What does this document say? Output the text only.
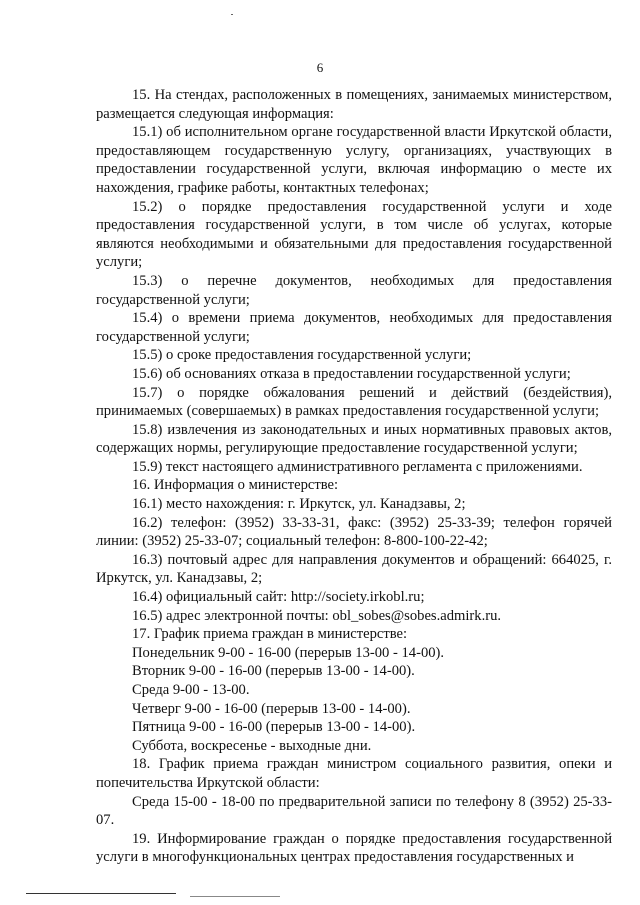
6

15. На стендах, расположенных в помещениях, занимаемых министерством, размещается следующая информация:

15.1) об исполнительном органе государственной власти Иркутской области, предоставляющем государственную услугу, организациях, участвующих в предоставлении государственной услуги, включая информацию о месте их нахождения, графике работы, контактных телефонах;

15.2) о порядке предоставления государственной услуги и ходе предоставления государственной услуги, в том числе об услугах, которые являются необходимыми и обязательными для предоставления государственной услуги;

15.3) о перечне документов, необходимых для предоставления государственной услуги;

15.4) о времени приема документов, необходимых для предоставления государственной услуги;

15.5) о сроке предоставления государственной услуги;

15.6) об основаниях отказа в предоставлении государственной услуги;

15.7) о порядке обжалования решений и действий (бездействия), принимаемых (совершаемых) в рамках предоставления государственной услуги;

15.8) извлечения из законодательных и иных нормативных правовых актов, содержащих нормы, регулирующие предоставление государственной услуги;

15.9) текст настоящего административного регламента с приложениями.

16. Информация о министерстве:

16.1) место нахождения: г. Иркутск, ул. Канадзавы, 2;

16.2) телефон: (3952) 33-33-31, факс: (3952) 25-33-39; телефон горячей линии: (3952) 25-33-07; социальный телефон: 8-800-100-22-42;

16.3) почтовый адрес для направления документов и обращений: 664025, г. Иркутск, ул. Канадзавы, 2;

16.4) официальный сайт: http://society.irkobl.ru;

16.5) адрес электронной почты: obl_sobes@sobes.admirk.ru.

17. График приема граждан в министерстве:

Понедельник 9-00 - 16-00 (перерыв 13-00 - 14-00).

Вторник 9-00 - 16-00 (перерыв 13-00 - 14-00).

Среда 9-00 - 13-00.

Четверг 9-00 - 16-00 (перерыв 13-00 - 14-00).

Пятница 9-00 - 16-00 (перерыв 13-00 - 14-00).

Суббота, воскресенье - выходные дни.

18. График приема граждан министром социального развития, опеки и попечительства Иркутской области:

Среда 15-00 - 18-00 по предварительной записи по телефону 8 (3952) 25-33-07.

19. Информирование граждан о порядке предоставления государственной услуги в многофункциональных центрах предоставления государственных и
